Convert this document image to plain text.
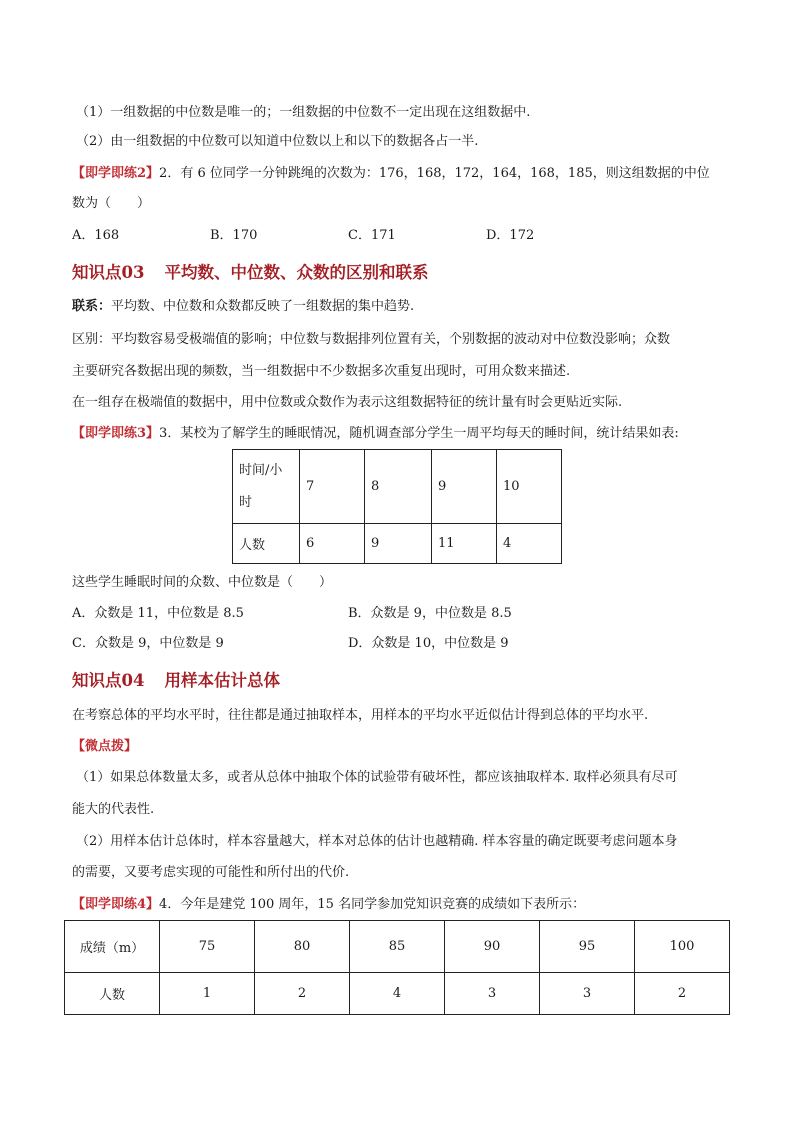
（1）一组数据的中位数是唯一的；一组数据的中位数不一定出现在这组数据中.
（2）由一组数据的中位数可以知道中位数以上和以下的数据各占一半.
【即学即练2】2．有 6 位同学一分钟跳绳的次数为：176，168，172，164，168，185，则这组数据的中位
数为（　　）
A．168	B．170	C．171	D．172
知识点03 平均数、中位数、众数的区别和联系
联系：平均数、中位数和众数都反映了一组数据的集中趋势.
区别：平均数容易受极端值的影响；中位数与数据排列位置有关，个别数据的波动对中位数没影响；众数
主要研究各数据出现的频数，当一组数据中不少数据多次重复出现时，可用众数来描述.
在一组存在极端值的数据中，用中位数或众数作为表示这组数据特征的统计量有时会更贴近实际.
【即学即练3】3．某校为了解学生的睡眠情况，随机调查部分学生一周平均每天的睡时间，统计结果如表:
时间/小
时	7	8	9	10
人数	6	9	11	4
这些学生睡眠时间的众数、中位数是（　　）
A．众数是 11，中位数是 8.5	B．众数是 9，中位数是 8.5
C．众数是 9，中位数是 9	D．众数是 10，中位数是 9
知识点04 用样本估计总体
在考察总体的平均水平时，往往都是通过抽取样本，用样本的平均水平近似估计得到总体的平均水平.
【微点拨】
（1）如果总体数量太多，或者从总体中抽取个体的试验带有破坏性，都应该抽取样本. 取样必须具有尽可
能大的代表性.
（2）用样本估计总体时，样本容量越大，样本对总体的估计也越精确. 样本容量的确定既要考虑问题本身
的需要，又要考虑实现的可能性和所付出的代价.
【即学即练4】4．今年是建党 100 周年，15 名同学参加党知识竞赛的成绩如下表所示：
成绩（m）	75	80	85	90	95	100
人数	1	2	4	3	3	2
